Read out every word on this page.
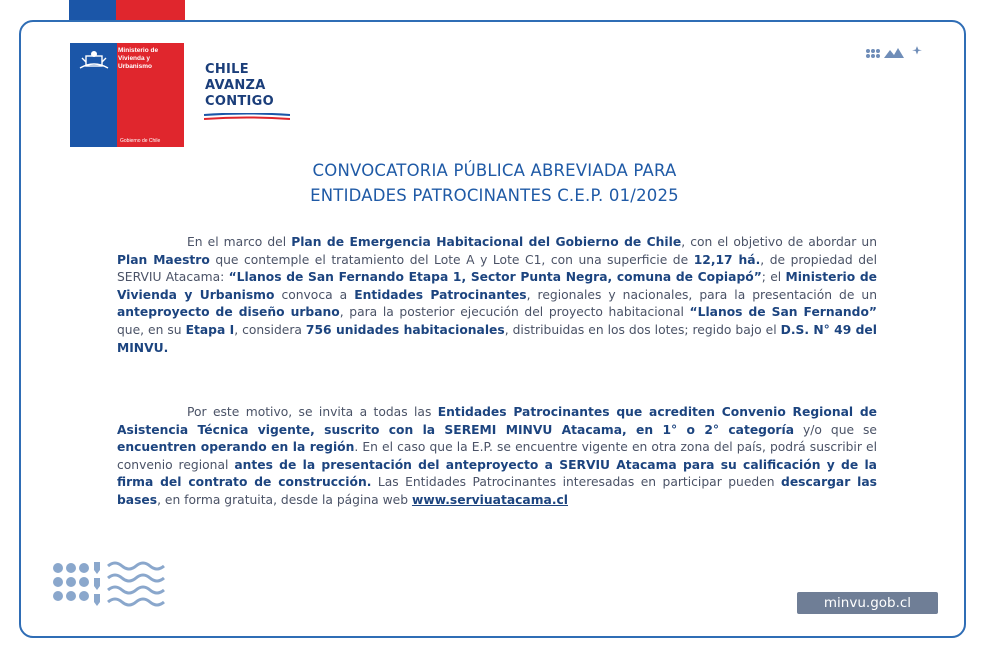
Ministerio de
Vivienda y
Urbanismo
Gobierno de Chile
CHILE
AVANZA
CONTIGO
CONVOCATORIA PÚBLICA ABREVIADA PARA
ENTIDADES PATROCINANTES C.E.P. 01/2025
En el marco del Plan de Emergencia Habitacional del Gobierno de Chile, con el objetivo de abordar un Plan Maestro que contemple el tratamiento del Lote A y Lote C1, con una superficie de 12,17 há., de propiedad del SERVIU Atacama: “Llanos de San Fernando Etapa 1, Sector Punta Negra, comuna de Copiapó”; el Ministerio de Vivienda y Urbanismo convoca a Entidades Patrocinantes, regionales y nacionales, para la presentación de un anteproyecto de diseño urbano, para la posterior ejecución del proyecto habitacional “Llanos de San Fernando” que, en su Etapa I, considera 756 unidades habitacionales, distribuidas en los dos lotes; regido bajo el D.S. N° 49 del MINVU.
Por este motivo, se invita a todas las Entidades Patrocinantes que acrediten Convenio Regional de Asistencia Técnica vigente, suscrito con la SEREMI MINVU Atacama, en 1° o 2° categoría y/o que se encuentren operando en la región. En el caso que la E.P. se encuentre vigente en otra zona del país, podrá suscribir el convenio regional antes de la presentación del anteproyecto a SERVIU Atacama para su calificación y de la firma del contrato de construcción. Las Entidades Patrocinantes interesadas en participar pueden descargar las bases, en forma gratuita, desde la página web www.serviuatacama.cl
minvu.gob.cl
